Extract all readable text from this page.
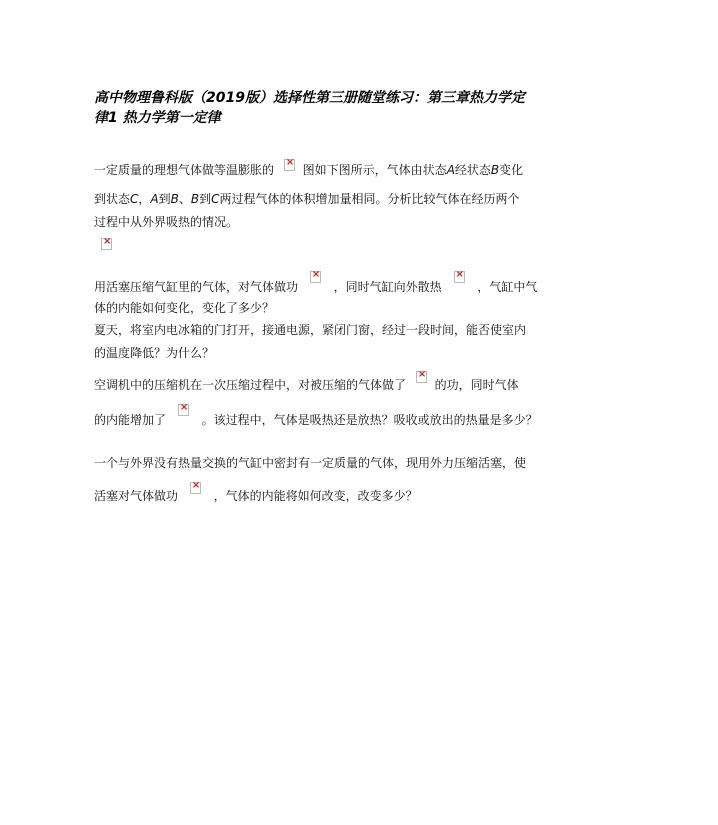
高中物理鲁科版（2019版）选择性第三册随堂练习：第三章热力学定
律1 热力学第一定律
一定质量的理想气体做等温膨胀的 × 图如下图所示，气体由状态A经状态B变化
到状态C，A到B、B到C两过程气体的体积增加量相同。分析比较气体在经历两个
过程中从外界吸热的情况。
×
用活塞压缩气缸里的气体，对气体做功 ×	，同时气缸向外散热 ×	，气缸中气
体的内能如何变化，变化了多少？
夏天，将室内电冰箱的门打开，接通电源，紧闭门窗，经过一段时间，能否使室内
的温度降低？为什么？
空调机中的压缩机在一次压缩过程中，对被压缩的气体做了 × 的功，同时气体
的内能增加了 ×	。该过程中，气体是吸热还是放热？吸收或放出的热量是多少？
一个与外界没有热量交换的气缸中密封有一定质量的气体，现用外力压缩活塞，使
活塞对气体做功 ×	，气体的内能将如何改变，改变多少？
